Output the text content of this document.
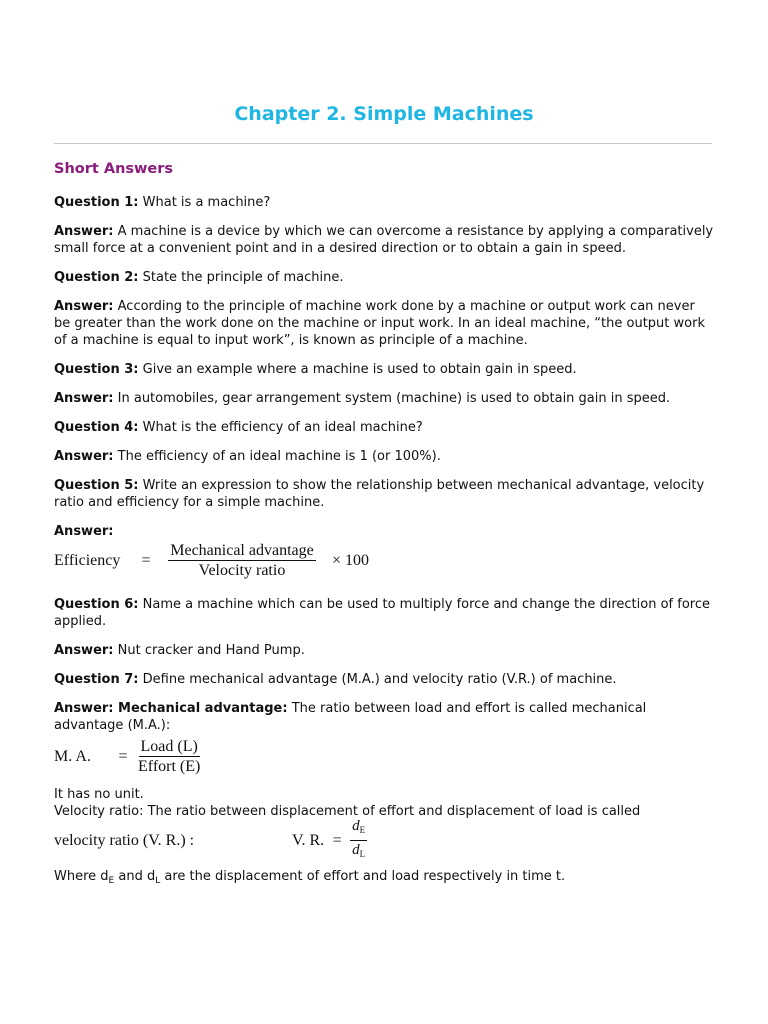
Chapter 2. Simple Machines
Short Answers

Question 1: What is a machine?

Answer: A machine is a device by which we can overcome a resistance by applying a comparatively small force at a convenient point and in a desired direction or to obtain a gain in speed.

Question 2: State the principle of machine.

Answer: According to the principle of machine work done by a machine or output work can never be greater than the work done on the machine or input work. In an ideal machine, “the output work of a machine is equal to input work”, is known as principle of a machine.

Question 3: Give an example where a machine is used to obtain gain in speed.

Answer: In automobiles, gear arrangement system (machine) is used to obtain gain in speed.

Question 4: What is the efficiency of an ideal machine?

Answer: The efficiency of an ideal machine is 1 (or 100%).

Question 5: Write an expression to show the relationship between mechanical advantage, velocity ratio and efficiency for a simple machine.

Answer:

Efficiency	= $\frac{\text{Mechanical advantage}}{\text{Velocity ratio}} \times 100$

Question 6: Name a machine which can be used to multiply force and change the direction of force applied.

Answer: Nut cracker and Hand Pump.

Question 7: Define mechanical advantage (M.A.) and velocity ratio (V.R.) of machine.

Answer: Mechanical advantage: The ratio between load and effort is called mechanical advantage (M.A.):

M. A.	= $\frac{\text{Load (L)}}{\text{Effort (E)}}$
It has no unit.
Velocity ratio: The ratio between displacement of effort and displacement of load is called
velocity ratio (V. R.) :	V. R. = $\frac{d_E}{d_L}$

Where $d_E$ and $d_L$ are the displacement of effort and load respectively in time t.
